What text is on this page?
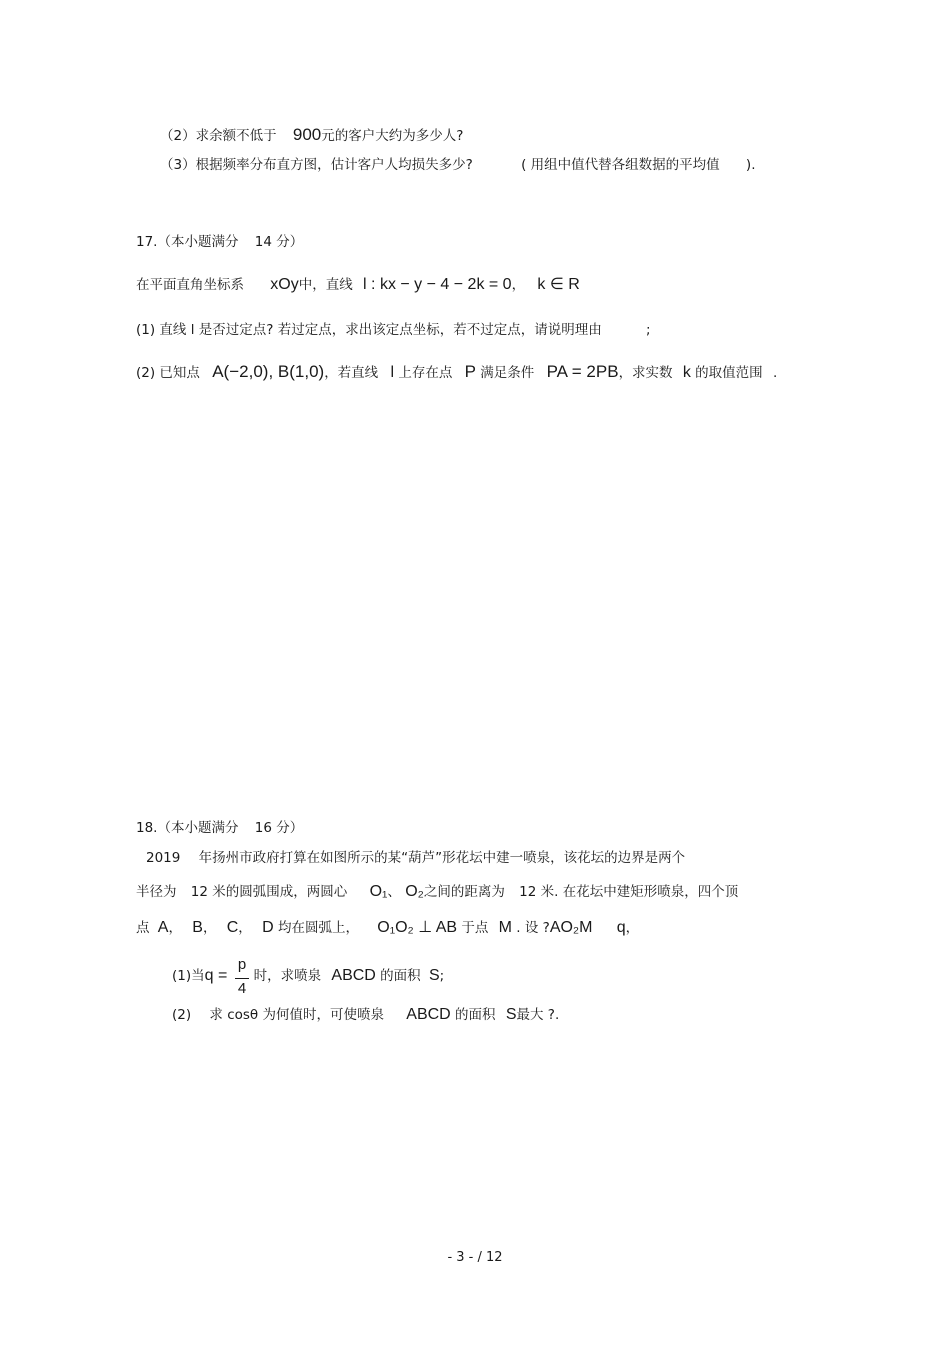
（2）求余额不低于 900元的客户大约为多少人?
（3）根据频率分布直方图，估计客户人均损失多少?	( 用组中值代替各组数据的平均值 ).
17.（本小题满分 14 分）
在平面直角坐标系 xOy中，直线 l : kx − y − 4 − 2k = 0， k ∈ R
(1) 直线 l 是否过定点? 若过定点，求出该定点坐标，若不过定点，请说明理由	;
(2) 已知点 A(−2,0), B(1,0)，若直线 l 上存在点 P 满足条件 PA = 2PB，求实数 k 的取值范围 .
18.（本小题满分 16 分）
2019 年扬州市政府打算在如图所示的某“葫芦”形花坛中建一喷泉，该花坛的边界是两个
半径为 12 米的圆弧围成，两圆心 O₁、 O₂之间的距离为 12 米. 在花坛中建矩形喷泉，四个顶
点 A， B， C， D 均在圆弧上， O₁O₂ ⊥ AB 于点 M . 设 ?AO₂M q，
(1)当q = 时，求喷泉 ABCD 的面积 S;
p
4
(2) 求 cosθ 为何值时，可使喷泉 ABCD 的面积 S最大 ?.
- 3 - / 12
